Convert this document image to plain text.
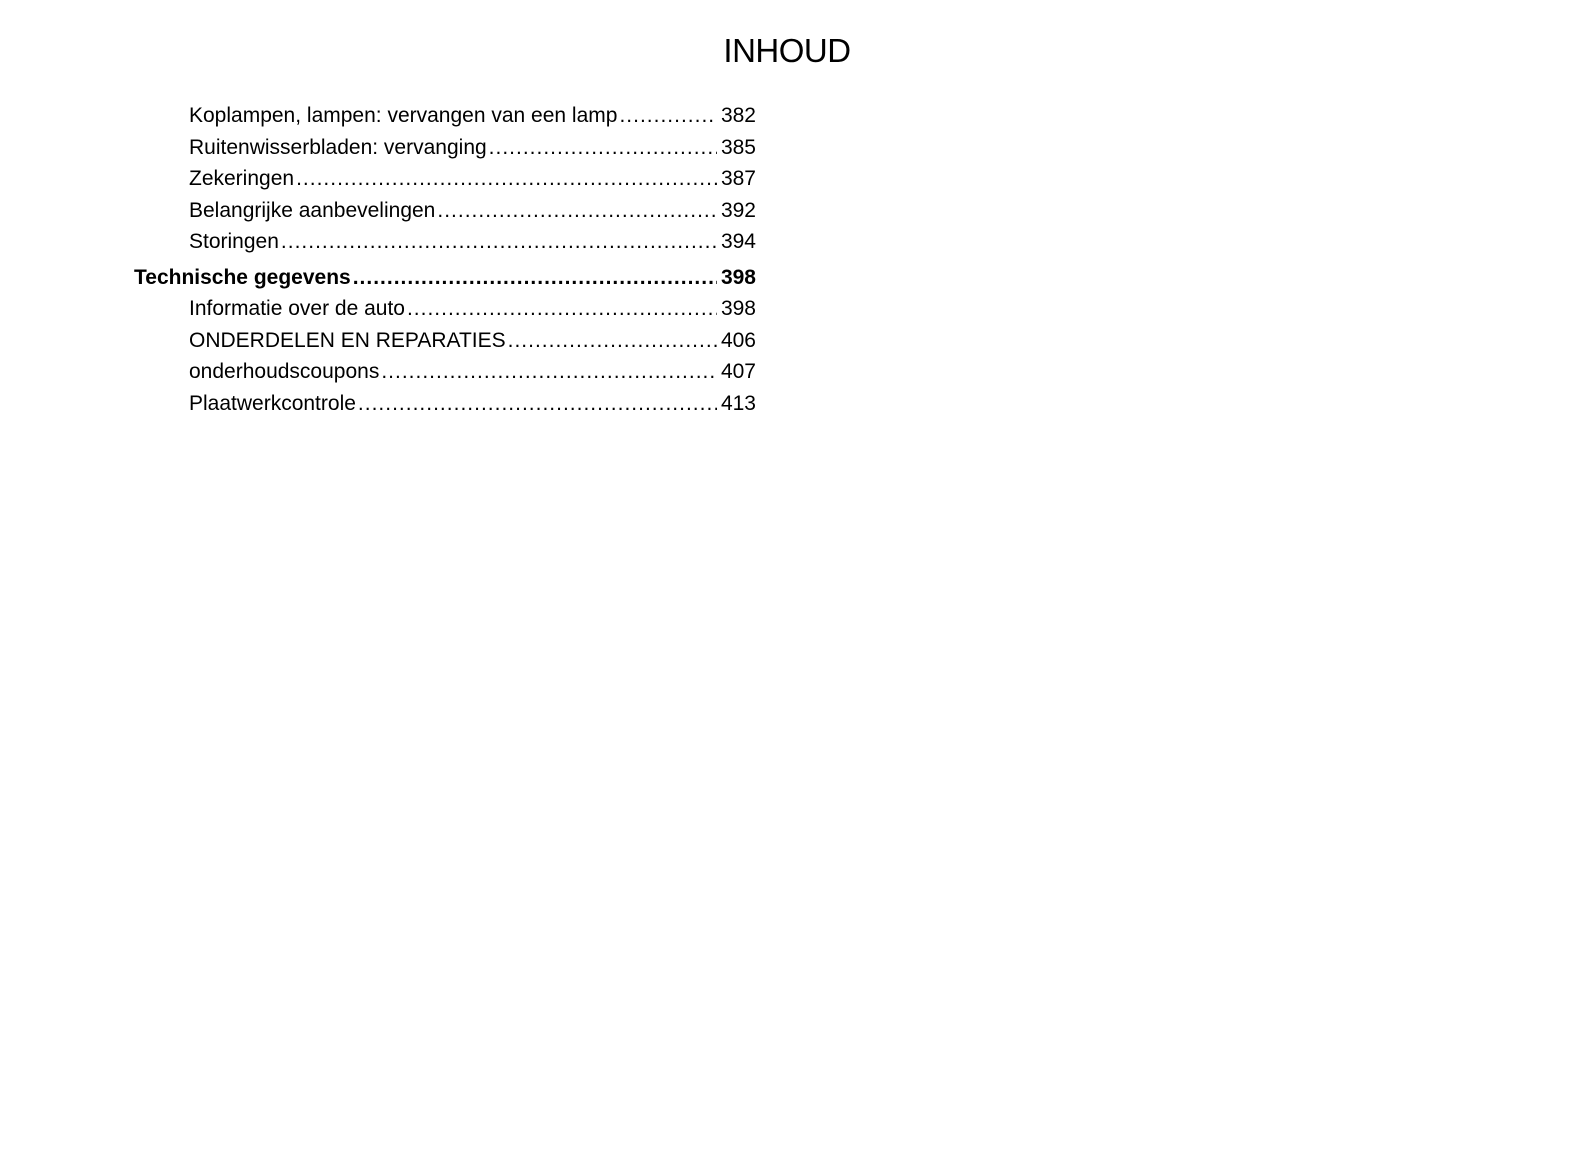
INHOUD
Koplampen, lampen: vervangen van een lamp .....	382
Ruitenwisserbladen: vervanging .....	385
Zekeringen .....	387
Belangrijke aanbevelingen .....	392
Storingen .....	394
Technische gegevens .....	398
Informatie over de auto .....	398
ONDERDELEN EN REPARATIES .....	406
onderhoudscoupons .....	407
Plaatwerkcontrole .....	413
